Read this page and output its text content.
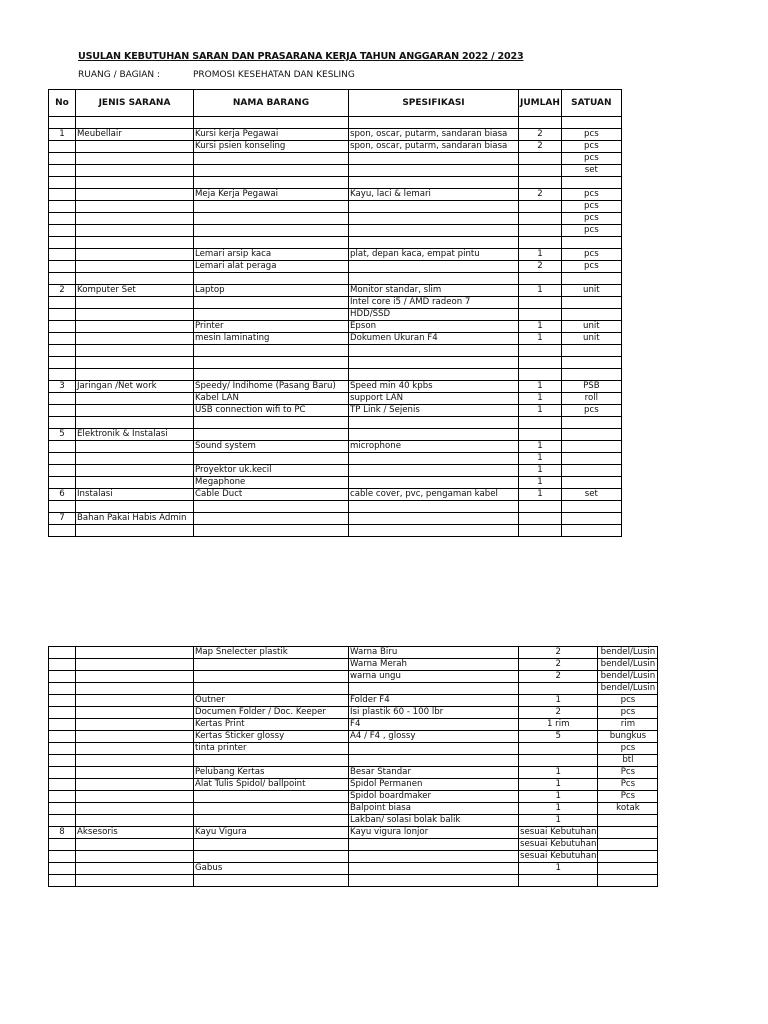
USULAN KEBUTUHAN SARAN DAN PRASARANA KERJA TAHUN ANGGARAN 2022 / 2023
RUANG / BAGIAN :	PROMOSI KESEHATAN DAN KESLING
No	JENIS SARANA	NAMA BARANG	SPESIFIKASI	JUMLAH	SATUAN

1	Meubellair	Kursi kerja Pegawai	spon, oscar, putarm, sandaran biasa	2	pcs
		Kursi psien konseling	spon, oscar, putarm, sandaran biasa	2	pcs
					pcs
					set

		Meja Kerja Pegawai	Kayu, laci & lemari	2	pcs
					pcs
					pcs
					pcs

		Lemari arsip kaca	plat, depan kaca, empat pintu	1	pcs
		Lemari alat peraga		2	pcs

2	Komputer Set	Laptop	Monitor standar, slim	1	unit
			Intel core i5 / AMD radeon 7		
			HDD/SSD		
		Printer	Epson	1	unit
		mesin laminating	Dokumen Ukuran F4	1	unit

3	Jaringan /Net work	Speedy/ Indihome (Pasang Baru)	Speed min 40 kpbs	1	PSB
		Kabel LAN	support LAN	1	roll
		USB connection wifi to PC	TP Link / Sejenis	1	pcs

5	Elektronik & Instalasi				
		Sound system	microphone	1	
				1	
		Proyektor uk.kecil		1	
		Megaphone		1	
6	Instalasi	Cable Duct	cable cover, pvc, pengaman kabel	1	set

7	Bahan Pakai Habis Admin				

		Map Snelecter plastik	Warna Biru	2	bendel/Lusin
			Warna Merah	2	bendel/Lusin
			warna ungu	2	bendel/Lusin
					bendel/Lusin
		Outner	Folder F4	1	pcs
		Documen Folder / Doc. Keeper	Isi plastik 60 - 100 lbr	2	pcs
		Kertas Print	F4	1 rim	rim
		Kertas Sticker glossy	A4 / F4 , glossy	5	bungkus
		tinta printer			pcs
					btl
		Pelubang Kertas	Besar Standar	1	Pcs
		Alat Tulis Spidol/ ballpoint	Spidol Permanen	1	Pcs
			Spidol boardmaker	1	Pcs
			Balpoint biasa	1	kotak
			Lakban/ solasi bolak balik	1	
8	Aksesoris	Kayu Vigura	Kayu vigura lonjor	sesuai Kebutuhan	
				sesuai Kebutuhan	
				sesuai Kebutuhan	
		Gabus		1	
